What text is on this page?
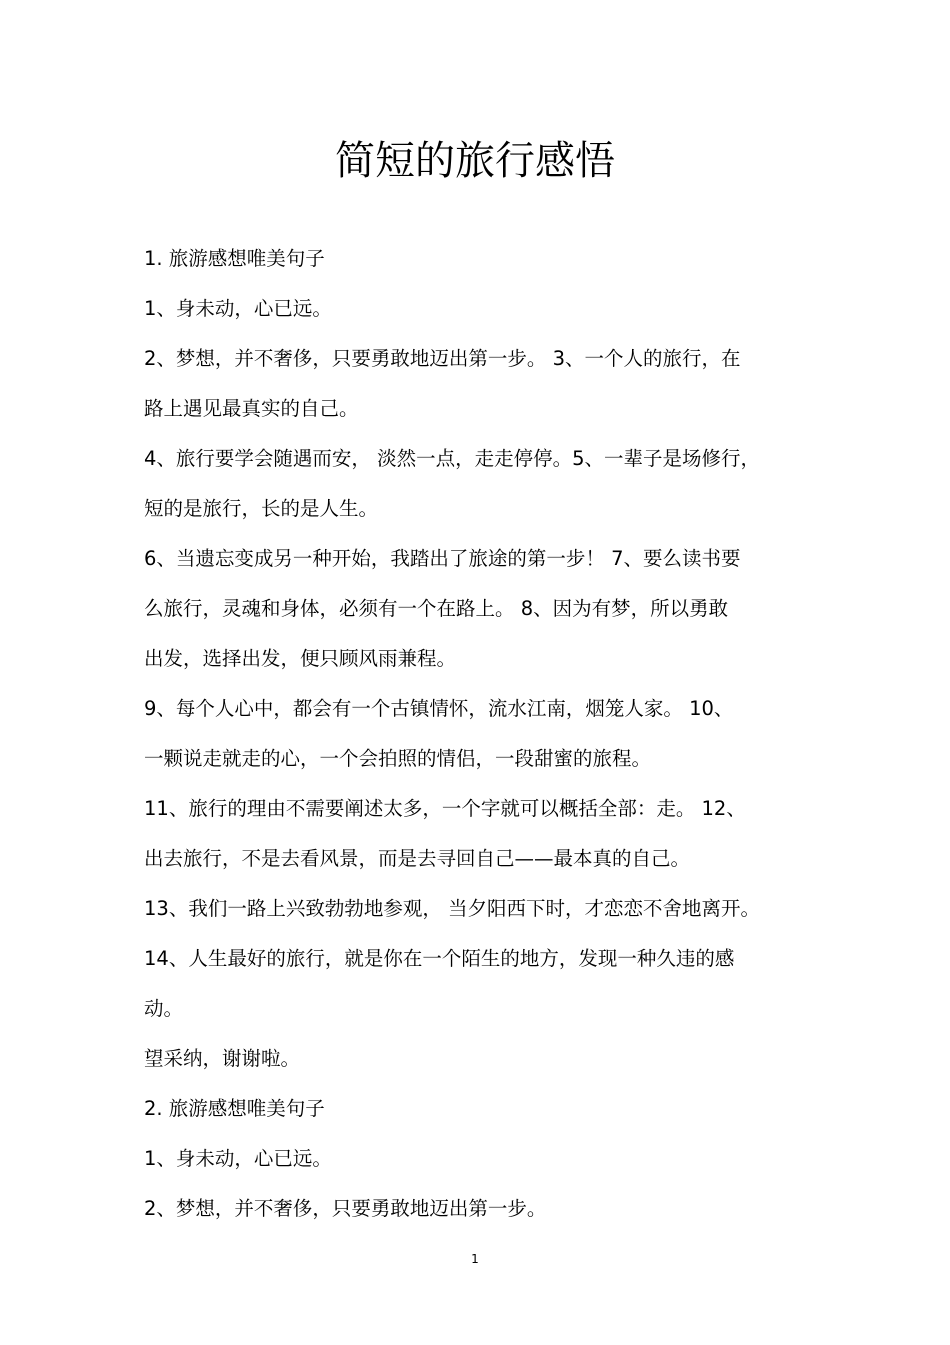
简短的旅行感悟
1. 旅游感想唯美句子
1、身未动，心已远。
2、梦想，并不奢侈，只要勇敢地迈出第一步。 3、一个人的旅行，在
路上遇见最真实的自己。
4、旅行要学会随遇而安， 淡然一点，走走停停。5、一辈子是场修行，
短的是旅行，长的是人生。
6、当遗忘变成另一种开始，我踏出了旅途的第一步！ 7、要么读书要
么旅行，灵魂和身体，必须有一个在路上。 8、因为有梦，所以勇敢
出发，选择出发，便只顾风雨兼程。
9、每个人心中，都会有一个古镇情怀，流水江南，烟笼人家。 10、
一颗说走就走的心，一个会拍照的情侣，一段甜蜜的旅程。
11、旅行的理由不需要阐述太多，一个字就可以概括全部：走。 12、
出去旅行，不是去看风景，而是去寻回自己——最本真的自己。
13、我们一路上兴致勃勃地参观， 当夕阳西下时，才恋恋不舍地离开。
14、人生最好的旅行，就是你在一个陌生的地方，发现一种久违的感
动。
望采纳，谢谢啦。
2. 旅游感想唯美句子
1、身未动，心已远。
2、梦想，并不奢侈，只要勇敢地迈出第一步。
1
